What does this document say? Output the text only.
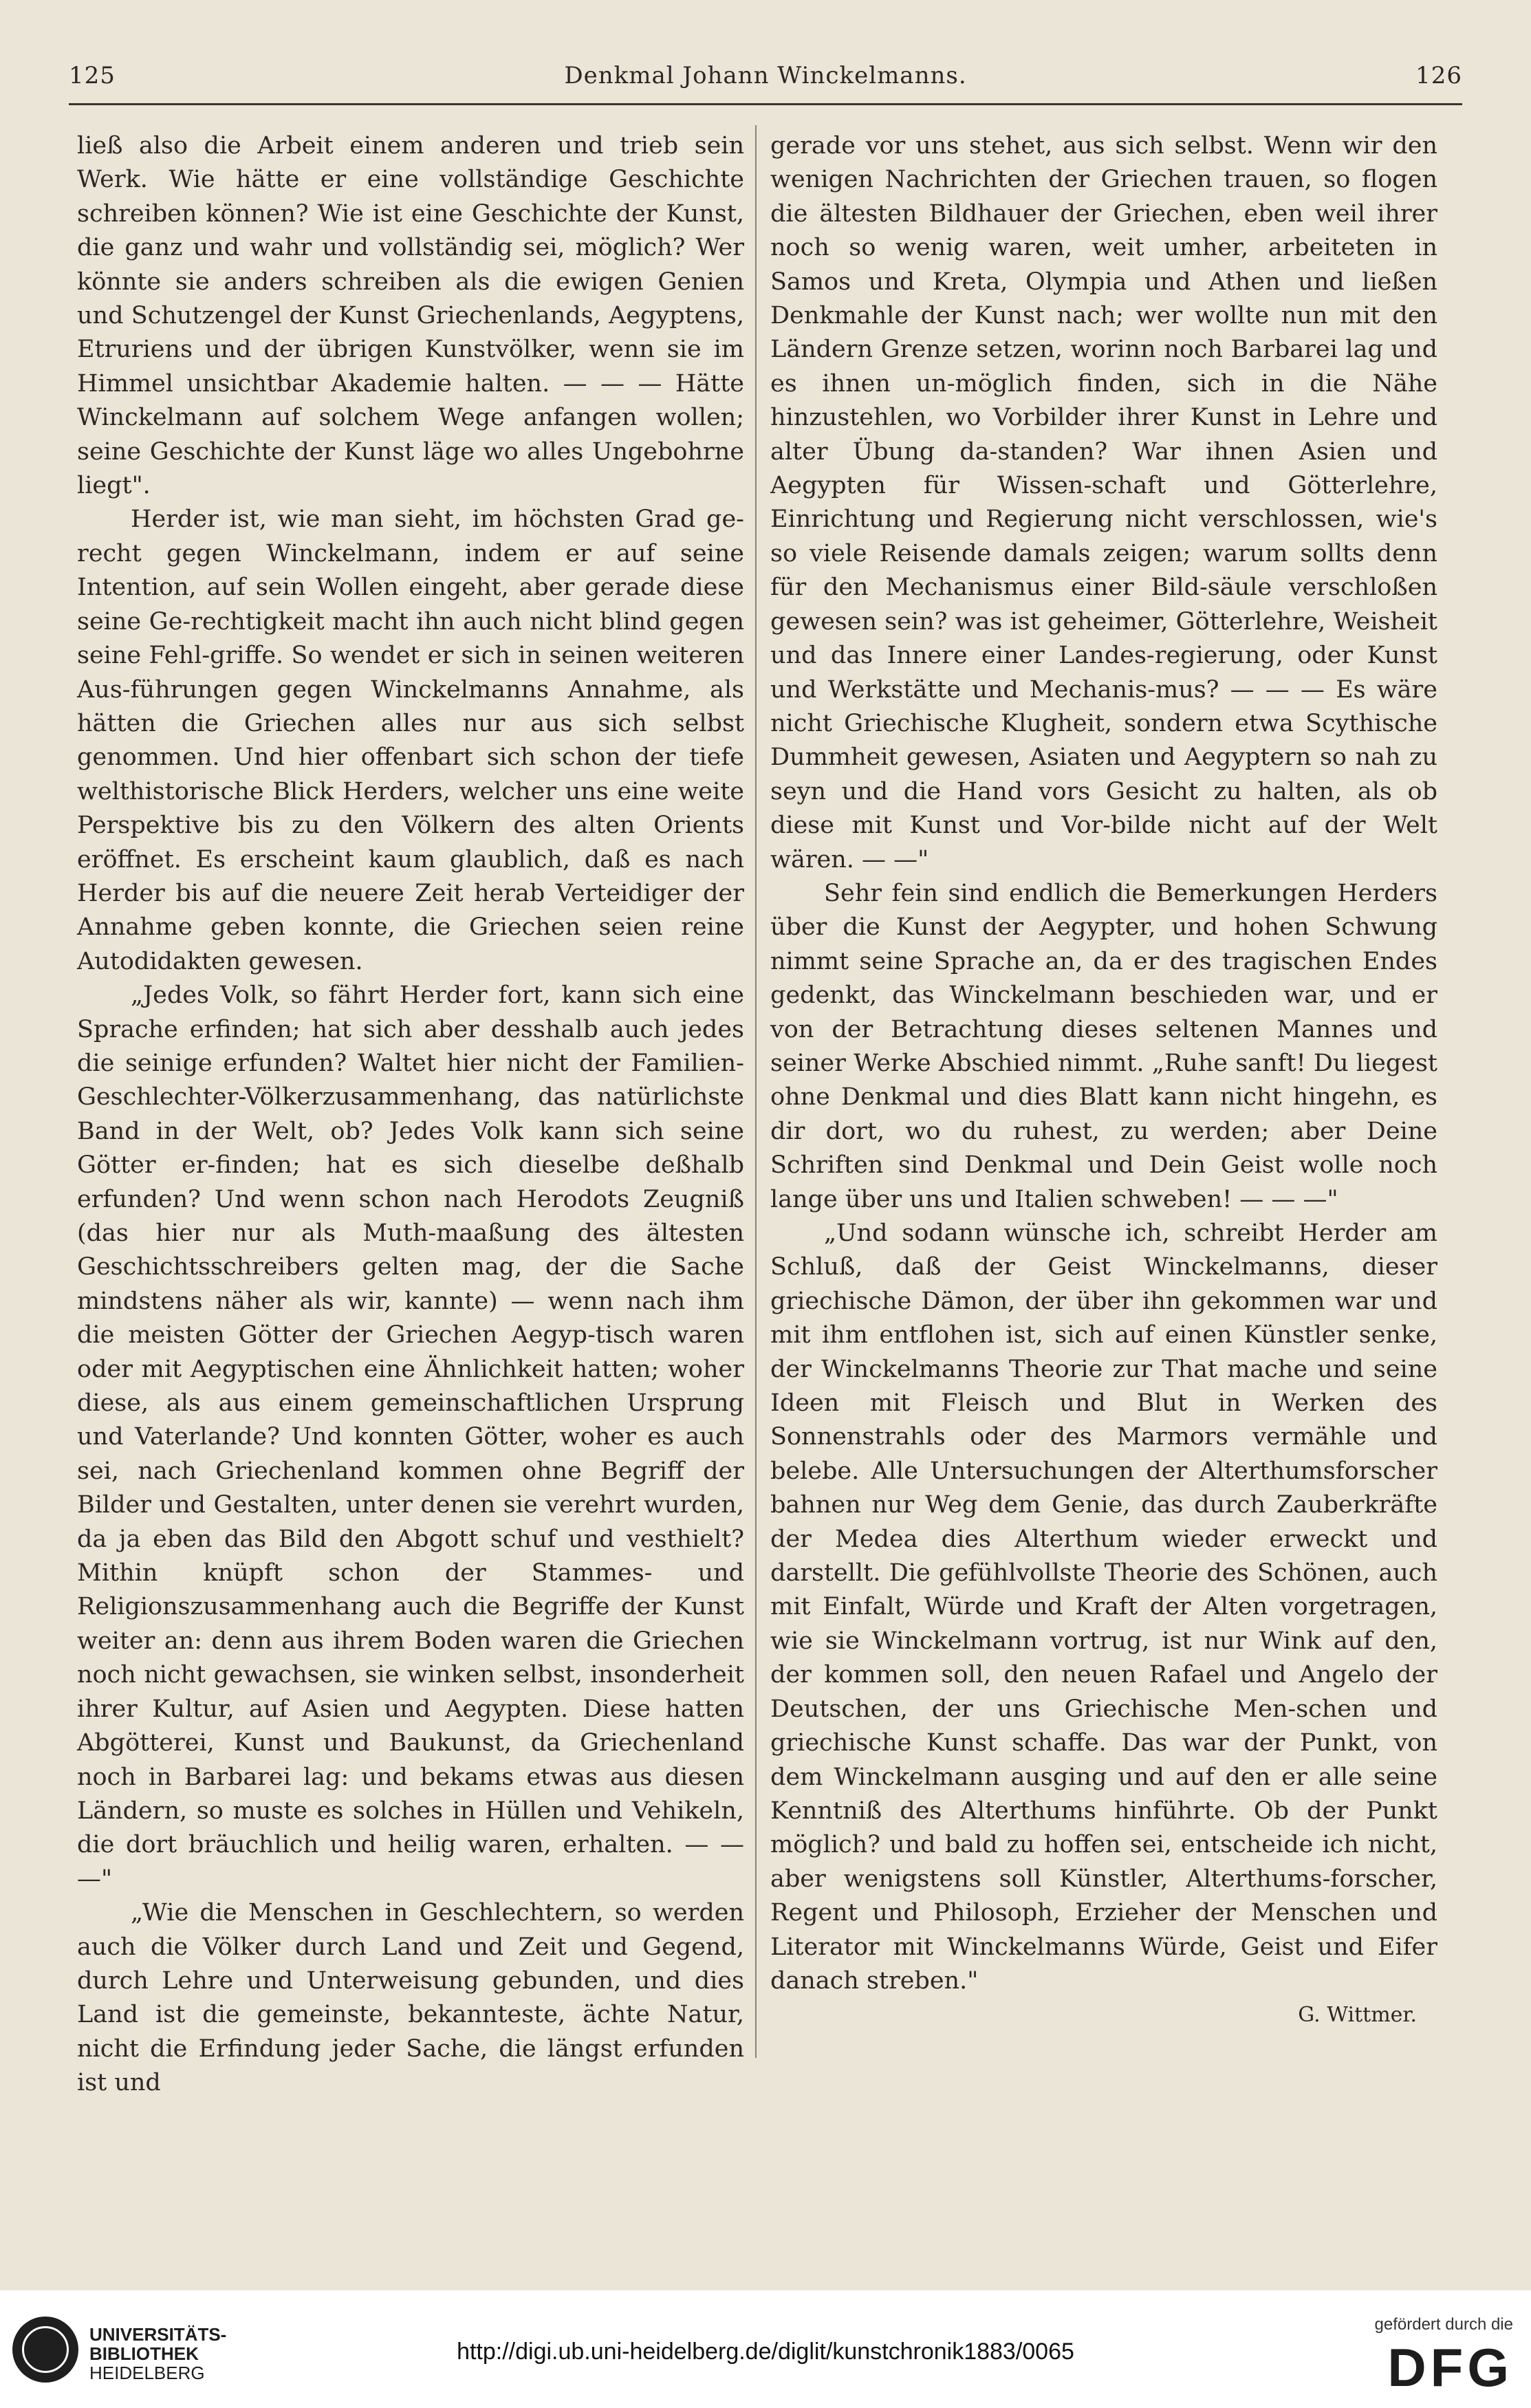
125	Denkmal Johann Winckelmanns.	126

ließ also die Arbeit einem anderen und trieb sein Werk. Wie hätte er eine vollständige Geschichte schreiben können? Wie ist eine Geschichte der Kunst, die ganz und wahr und vollständig sei, möglich? Wer könnte sie anders schreiben als die ewigen Genien und Schutzengel der Kunst Griechenlands, Aegyptens, Etruriens und der übrigen Kunstvölker, wenn sie im Himmel unsichtbar Akademie halten. — — — Hätte Winckelmann auf solchem Wege anfangen wollen; seine Geschichte der Kunst läge wo alles Ungebohrne liegt".

Herder ist, wie man sieht, im höchsten Grad ge-recht gegen Winckelmann, indem er auf seine Intention, auf sein Wollen eingeht, aber gerade diese seine Ge-rechtigkeit macht ihn auch nicht blind gegen seine Fehl-griffe. So wendet er sich in seinen weiteren Aus-führungen gegen Winckelmanns Annahme, als hätten die Griechen alles nur aus sich selbst genommen. Und hier offenbart sich schon der tiefe welthistorische Blick Herders, welcher uns eine weite Perspektive bis zu den Völkern des alten Orients eröffnet. Es erscheint kaum glaublich, daß es nach Herder bis auf die neuere Zeit herab Verteidiger der Annahme geben konnte, die Griechen seien reine Autodidakten gewesen.

„Jedes Volk, so fährt Herder fort, kann sich eine Sprache erfinden; hat sich aber desshalb auch jedes die seinige erfunden? Waltet hier nicht der Familien-Geschlechter-Völkerzusammenhang, das natürlichste Band in der Welt, ob? Jedes Volk kann sich seine Götter er-finden; hat es sich dieselbe deßhalb erfunden? Und wenn schon nach Herodots Zeugniß (das hier nur als Muth-maaßung des ältesten Geschichtsschreibers gelten mag, der die Sache mindstens näher als wir, kannte) — wenn nach ihm die meisten Götter der Griechen Aegyp-tisch waren oder mit Aegyptischen eine Ähnlichkeit hatten; woher diese, als aus einem gemeinschaftlichen Ursprung und Vaterlande? Und konnten Götter, woher es auch sei, nach Griechenland kommen ohne Begriff der Bilder und Gestalten, unter denen sie verehrt wurden, da ja eben das Bild den Abgott schuf und vesthielt? Mithin knüpft schon der Stammes- und Religionszusammenhang auch die Begriffe der Kunst weiter an: denn aus ihrem Boden waren die Griechen noch nicht gewachsen, sie winken selbst, insonderheit ihrer Kultur, auf Asien und Aegypten. Diese hatten Abgötterei, Kunst und Baukunst, da Griechenland noch in Barbarei lag: und bekams etwas aus diesen Ländern, so muste es solches in Hüllen und Vehikeln, die dort bräuchlich und heilig waren, erhalten. — — —"

„Wie die Menschen in Geschlechtern, so werden auch die Völker durch Land und Zeit und Gegend, durch Lehre und Unterweisung gebunden, und dies Land ist die gemeinste, bekannteste, ächte Natur, nicht die Erfindung jeder Sache, die längst erfunden ist und

gerade vor uns stehet, aus sich selbst. Wenn wir den wenigen Nachrichten der Griechen trauen, so flogen die ältesten Bildhauer der Griechen, eben weil ihrer noch so wenig waren, weit umher, arbeiteten in Samos und Kreta, Olympia und Athen und ließen Denkmahle der Kunst nach; wer wollte nun mit den Ländern Grenze setzen, worinn noch Barbarei lag und es ihnen un-möglich finden, sich in die Nähe hinzustehlen, wo Vorbilder ihrer Kunst in Lehre und alter Übung da-standen? War ihnen Asien und Aegypten für Wissen-schaft und Götterlehre, Einrichtung und Regierung nicht verschlossen, wie's so viele Reisende damals zeigen; warum sollts denn für den Mechanismus einer Bild-säule verschloßen gewesen sein? was ist geheimer, Götterlehre, Weisheit und das Innere einer Landes-regierung, oder Kunst und Werkstätte und Mechanis-mus? — — — Es wäre nicht Griechische Klugheit, sondern etwa Scythische Dummheit gewesen, Asiaten und Aegyptern so nah zu seyn und die Hand vors Gesicht zu halten, als ob diese mit Kunst und Vor-bilde nicht auf der Welt wären. — —"

Sehr fein sind endlich die Bemerkungen Herders über die Kunst der Aegypter, und hohen Schwung nimmt seine Sprache an, da er des tragischen Endes gedenkt, das Winckelmann beschieden war, und er von der Betrachtung dieses seltenen Mannes und seiner Werke Abschied nimmt. „Ruhe sanft! Du liegest ohne Denkmal und dies Blatt kann nicht hingehn, es dir dort, wo du ruhest, zu werden; aber Deine Schriften sind Denkmal und Dein Geist wolle noch lange über uns und Italien schweben! — — —"

„Und sodann wünsche ich, schreibt Herder am Schluß, daß der Geist Winckelmanns, dieser griechische Dämon, der über ihn gekommen war und mit ihm entflohen ist, sich auf einen Künstler senke, der Winckelmanns Theorie zur That mache und seine Ideen mit Fleisch und Blut in Werken des Sonnenstrahls oder des Marmors vermähle und belebe. Alle Untersuchungen der Alterthumsforscher bahnen nur Weg dem Genie, das durch Zauberkräfte der Medea dies Alterthum wieder erweckt und darstellt. Die gefühlvollste Theorie des Schönen, auch mit Einfalt, Würde und Kraft der Alten vorgetragen, wie sie Winckelmann vortrug, ist nur Wink auf den, der kommen soll, den neuen Rafael und Angelo der Deutschen, der uns Griechische Men-schen und griechische Kunst schaffe. Das war der Punkt, von dem Winckelmann ausging und auf den er alle seine Kenntniß des Alterthums hinführte. Ob der Punkt möglich? und bald zu hoffen sei, entscheide ich nicht, aber wenigstens soll Künstler, Alterthums-forscher, Regent und Philosoph, Erzieher der Menschen und Literator mit Winckelmanns Würde, Geist und Eifer danach streben."

G. Wittmer.

UNIVERSITÄTS-
BIBLIOTHEK
HEIDELBERG
http://digi.ub.uni-heidelberg.de/diglit/kunstchronik1883/0065
gefördert durch die
DFG
